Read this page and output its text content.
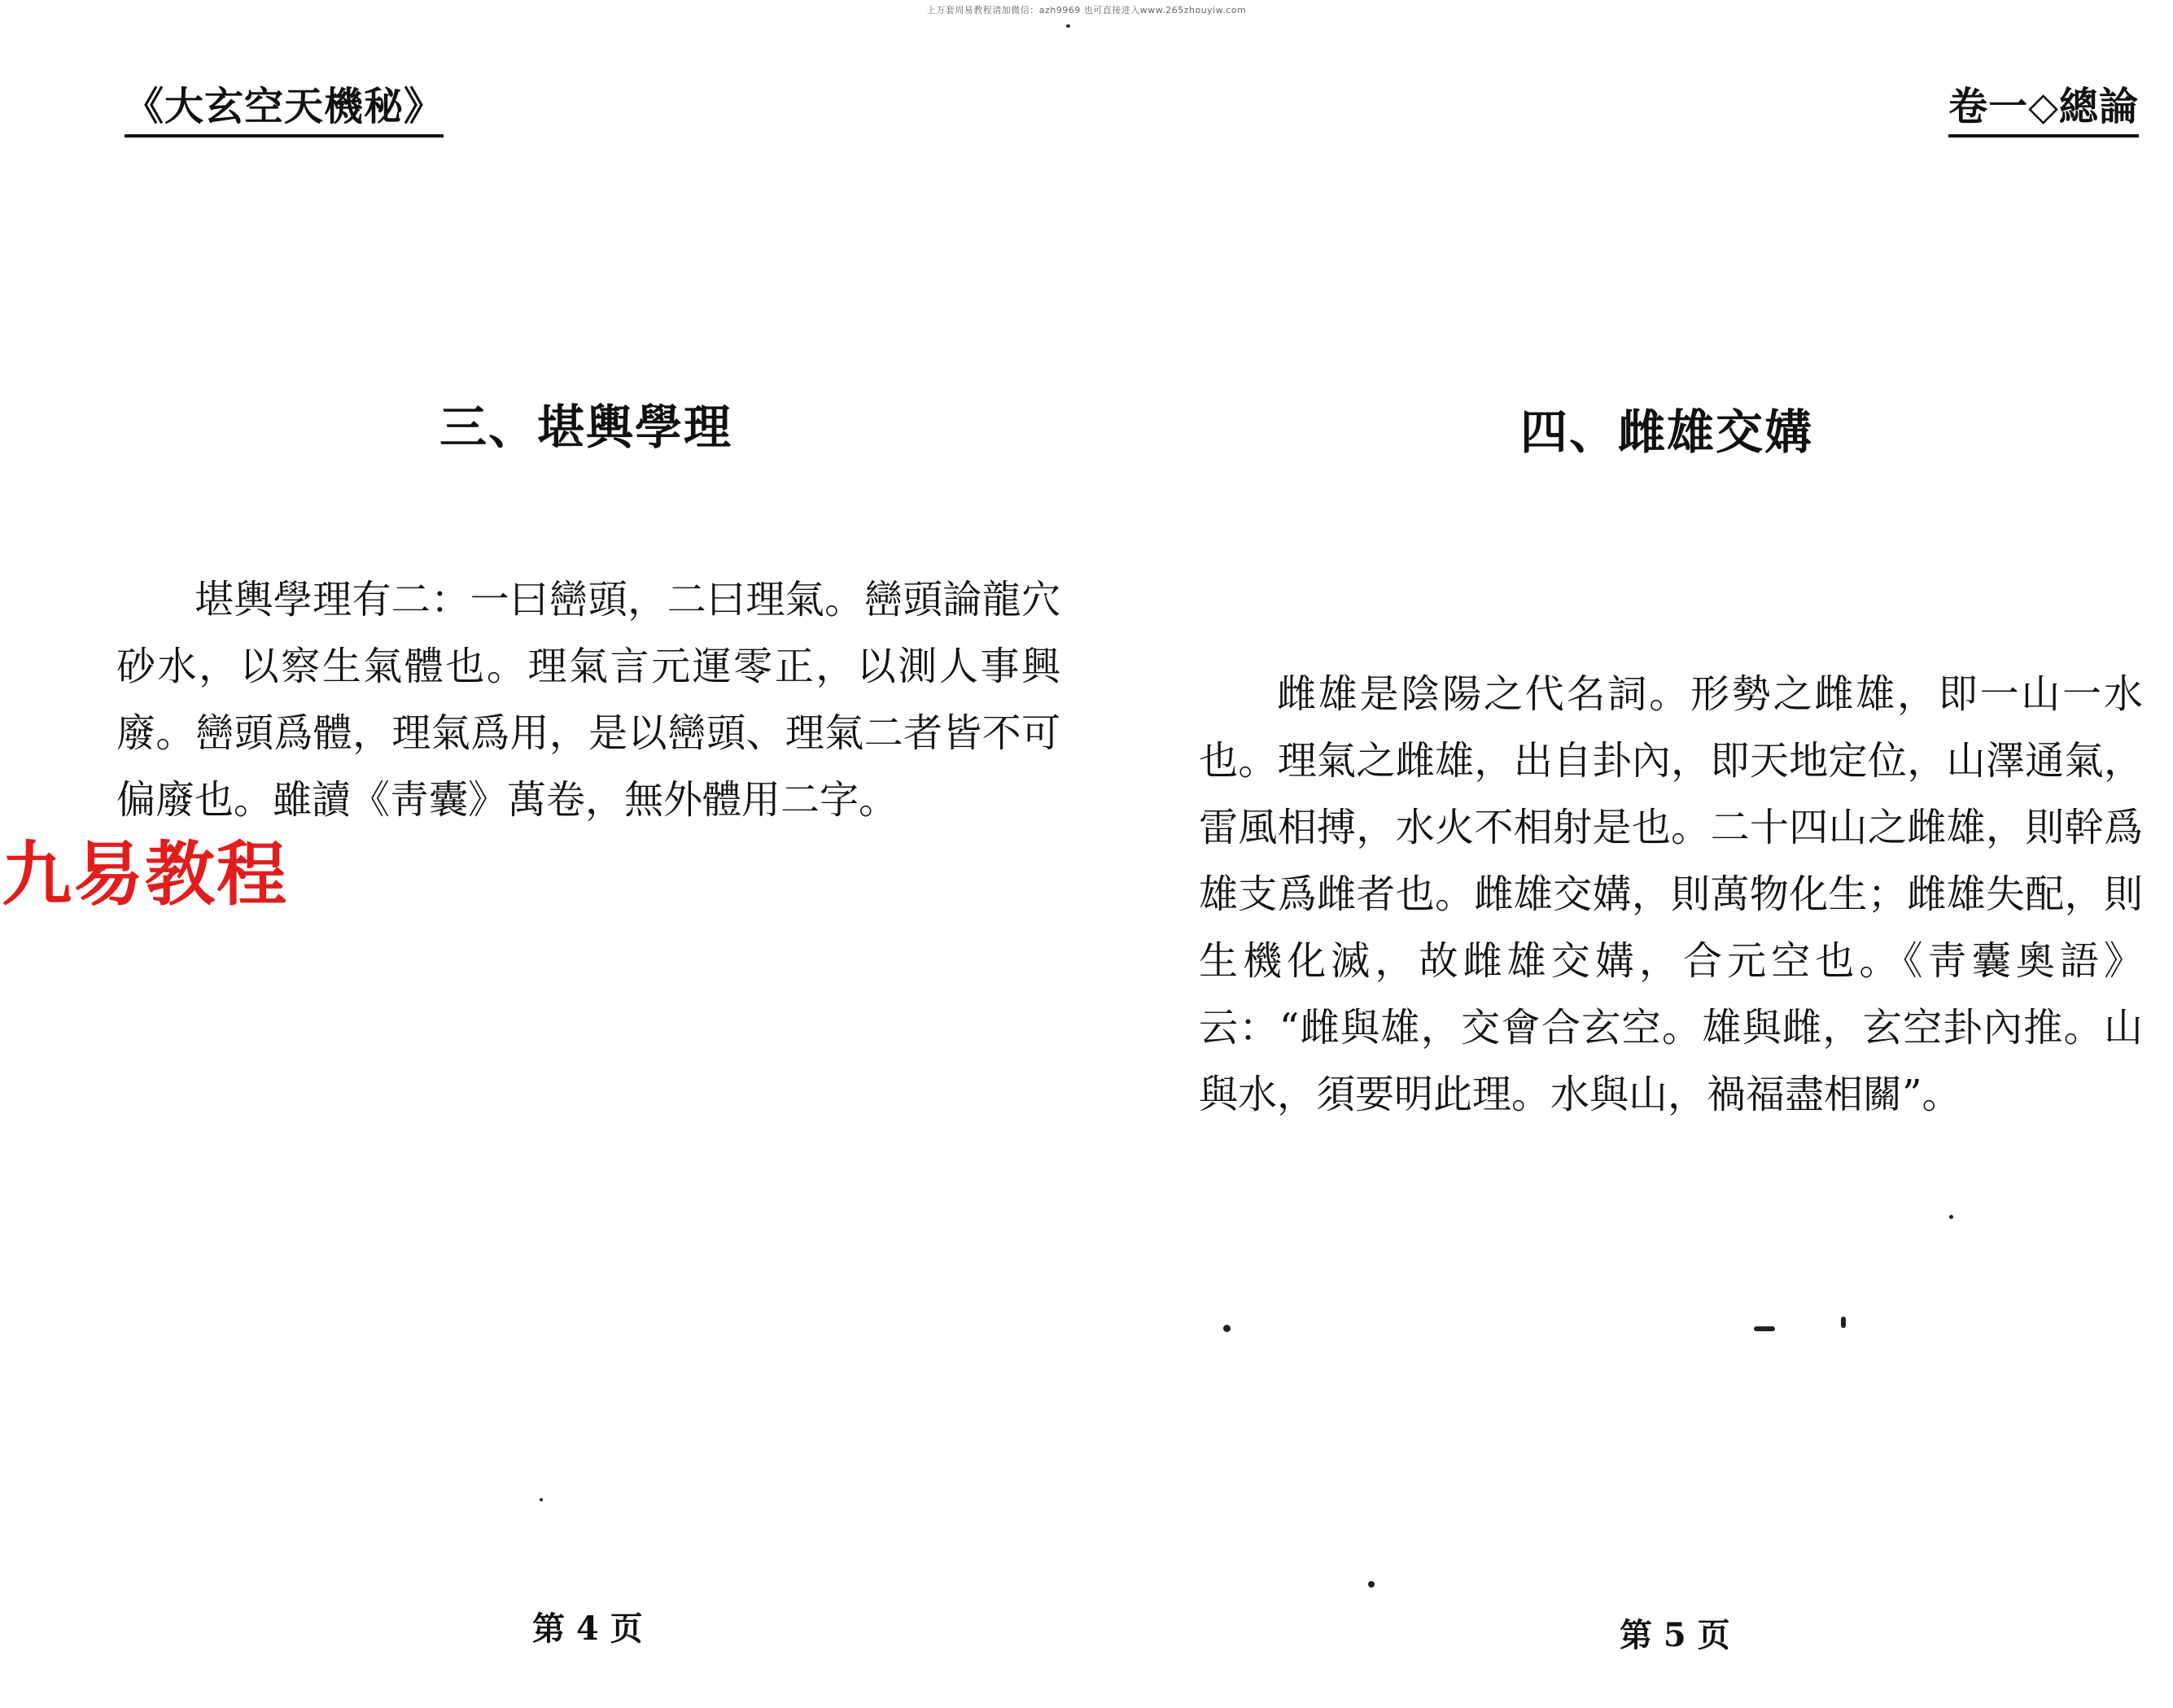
上万套周易教程请加微信：azh9969 也可直接进入www.265zhouyiw.com
《大玄空天機秘》	卷一◇總論
三、堪輿學理
堪輿學理有二：一曰巒頭，二曰理氣。巒頭論龍穴砂水，以察生氣體也。理氣言元運零正，以測人事興廢。巒頭爲體，理氣爲用，是以巒頭、理氣二者皆不可偏廢也。雖讀《靑囊》萬卷，無外體用二字。
九易教程
四、雌雄交媾
雌雄是陰陽之代名詞。形勢之雌雄，即一山一水也。理氣之雌雄，出自卦內，即天地定位，山澤通氣，雷風相搏，水火不相射是也。二十四山之雌雄，則幹爲雄支爲雌者也。雌雄交媾，則萬物化生；雌雄失配，則生機化滅，故雌雄交媾，合元空也。《靑囊奧語》云：“雌與雄，交會合玄空。雄與雌，玄空卦內推。山與水，須要明此理。水與山，禍福盡相關”。
第 4 页	第 5 页
